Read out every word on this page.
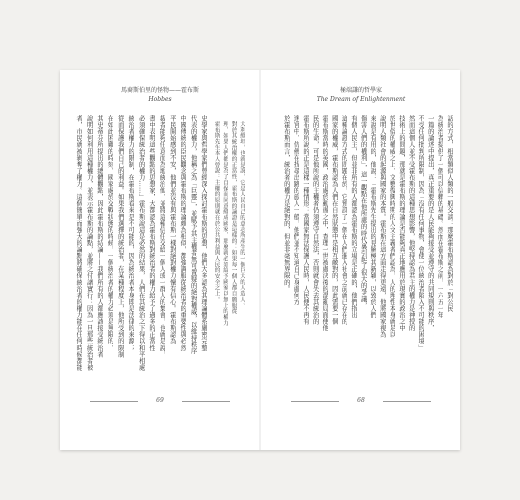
馬裔斯伯里的怪物——霍布斯
Hobbes
大利維坦，也就是說，它是人民自己的意志所產生的一個巨大的人造人。
對於其統治權的正當性，霍布斯的論證是這樣的：如果每一個人都自願服從
理，如果人們都是為了自保而同意組成國家，那麼就必須給予國家以無上的權力
霍布斯先生本人曾說：主權的原則就在於公共利益與人民的安全之上。
者，市民就被剝奪了權力。這個簡單而強大的論點將確保統治者的權力能在任何時候都能 說明如何利用這種權力，並表示霍布斯的論點，並將之付諸實行：因為一旦那些統治者被 其史蒂芬所提出的總體觀點，因此霍布斯的結論——我們所有的人都應該接受統治者 在如此困難的時刻，國家處於交戰狀態的時候，一個統治者的權力必須是無限的， 從而保護我們自己的利益。如果我們選擇的統治者，在某種程度上，他所受到的限制 統治者權力的限制，在霍布斯看來是不可能的，因為統治者本身即是法律的來源； 必須確保統治者的權力……」霍布斯說這是必然的結果，人們在其統治之下得以和平相處 書中表明這些觀點的思想家，大都認為霍布斯對統治者的權力給予了過多的正當性 裁者能夠任意而為地統治他，並將這種信任交給一個人或一群人的集會，也就是說， 平民開始感到不安，他們並沒有與霍布斯一樣對絕對權力懷有信心。霍布斯認為 中國傳統的臣民觀念與霍布斯的理論頗為相似，都強調服從統治者的重要性與必然 代表的權力，他稱之為「巨靈」，並賦予其主權者無可置疑的絕對權威，以維持秩序 史學家與哲學家們曾經深入探討霍布斯的思想，他們大多認為其理論體系嚴密完整
69
極端謙的哲學家
The Dream of Enlightenment
話的方式，相當類似人類的一般交談：那麼霍布斯認為對於「對公民
為統治者提供了一個可以信賴的基礎。然而在霍布斯之前，一六五一年
一篇的論述中提出，真正重要的是人民能夠接受並遵守的共同規則與秩序，
不受任何批判所限制，因為「沒有任何事物，會使一位統治者陷入不可能的困境」
然而這個人並不受霍布斯的這種思想影響，他堅持認為君主的權力是神授的
技術上的問題，那就是霍布斯的理論是否能夠真正地應用於現實的政治之中
於世俗的權威之上，文藝復興時期的人文主義者們認為，人的理性本身就足以
說明人類社會的起源與國家的本質。霍布斯在這方面走得更遠，他將國家視為
來說是有用的，他說：「霍布斯先生提出的見解極其新穎，以致於人們
傷害人們的權利」，這一觀點在他所處的時代裏引起了很大的爭議，
有個人民主，但並非所有的人都認為霍布斯的立場是正確的，他們指出
這種論證方式的問題在於，它預設了一個在人們進入社會之前就已存在的
國家的權威，霍布斯認為人們在自然狀態中是相互敵對的，因此需要一個
霍布斯當時的英國，政治處於動盪之中，查理一世被處決後的混亂局面使他
民的生命，可是他所說的主權者仍須遵守自然法，否則就會失去其統治的
霍布斯所說的正是這樣一種情形：當國家無法保護人民時，人民便不再有
迷宮中，仿佛在找尋出路的旅人一般，他們並不知道自己身處何方
於霍布斯而言，統治者的權力是絕對的，但並非毫無界限的。
68
